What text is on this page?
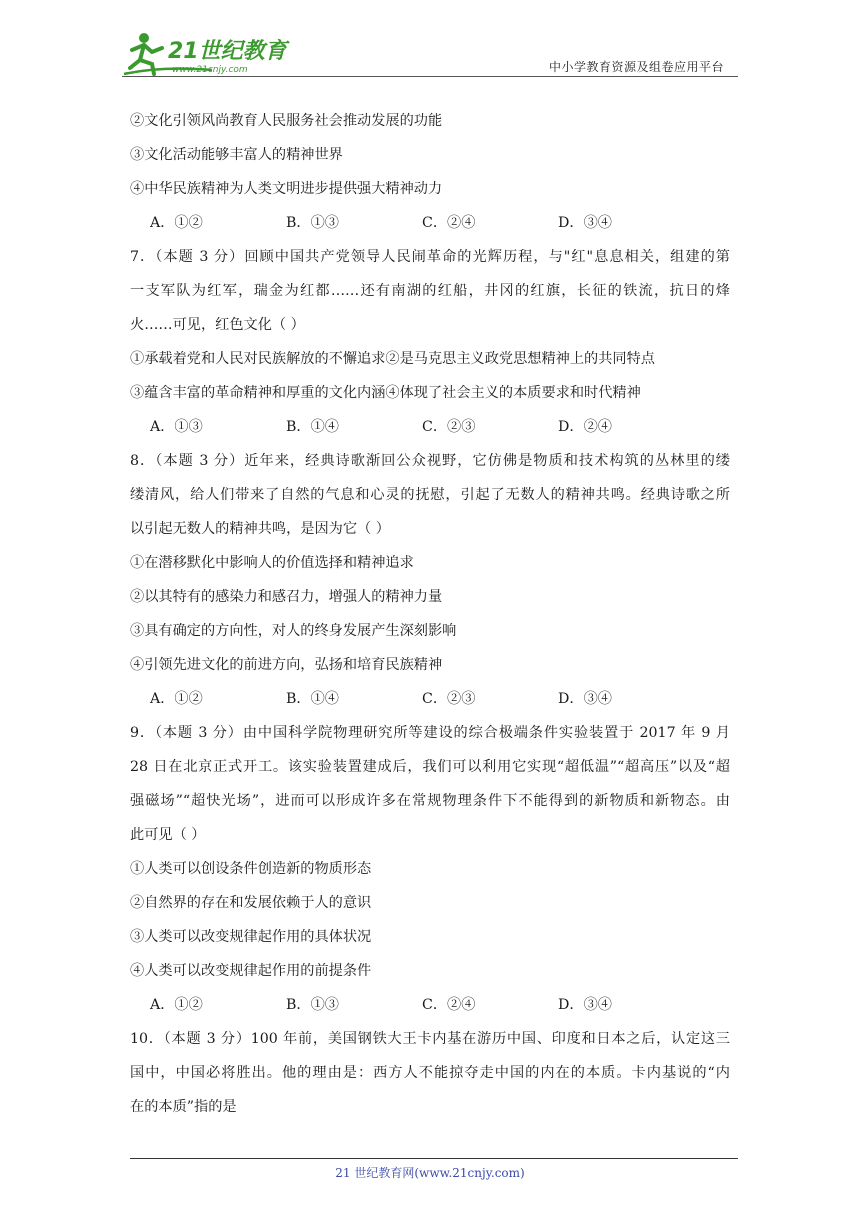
21世纪教育
www.21cnjy.com	中小学教育资源及组卷应用平台
②文化引领风尚教育人民服务社会推动发展的功能
③文化活动能够丰富人的精神世界
④中华民族精神为人类文明进步提供强大精神动力
A．①②	B．①③	C．②④	D．③④
7．（本题 3 分）回顾中国共产党领导人民闹革命的光辉历程，与"红"息息相关，组建的第
一支军队为红军，瑞金为红都……还有南湖的红船，井冈的红旗，长征的铁流，抗日的烽
火……可见，红色文化（ ）
①承载着党和人民对民族解放的不懈追求②是马克思主义政党思想精神上的共同特点
③蕴含丰富的革命精神和厚重的文化内涵④体现了社会主义的本质要求和时代精神
A．①③	B．①④	C．②③	D．②④
8．（本题 3 分）近年来，经典诗歌渐回公众视野，它仿佛是物质和技术构筑的丛林里的缕
缕清风，给人们带来了自然的气息和心灵的抚慰，引起了无数人的精神共鸣。经典诗歌之所
以引起无数人的精神共鸣，是因为它（ ）
①在潜移默化中影响人的价值选择和精神追求
②以其特有的感染力和感召力，增强人的精神力量
③具有确定的方向性，对人的终身发展产生深刻影响
④引领先进文化的前进方向，弘扬和培育民族精神
A．①②	B．①④	C．②③	D．③④
9．（本题 3 分）由中国科学院物理研究所等建设的综合极端条件实验装置于 2017 年 9 月
28 日在北京正式开工。该实验装置建成后，我们可以利用它实现“超低温”“超高压”以及“超
强磁场”“超快光场”，进而可以形成许多在常规物理条件下不能得到的新物质和新物态。由
此可见（ ）
①人类可以创设条件创造新的物质形态
②自然界的存在和发展依赖于人的意识
③人类可以改变规律起作用的具体状况
④人类可以改变规律起作用的前提条件
A．①②	B．①③	C．②④	D．③④
10．（本题 3 分）100 年前，美国钢铁大王卡内基在游历中国、印度和日本之后，认定这三
国中，中国必将胜出。他的理由是：西方人不能掠夺走中国的内在的本质。卡内基说的“内
在的本质”指的是
21 世纪教育网(www.21cnjy.com)
